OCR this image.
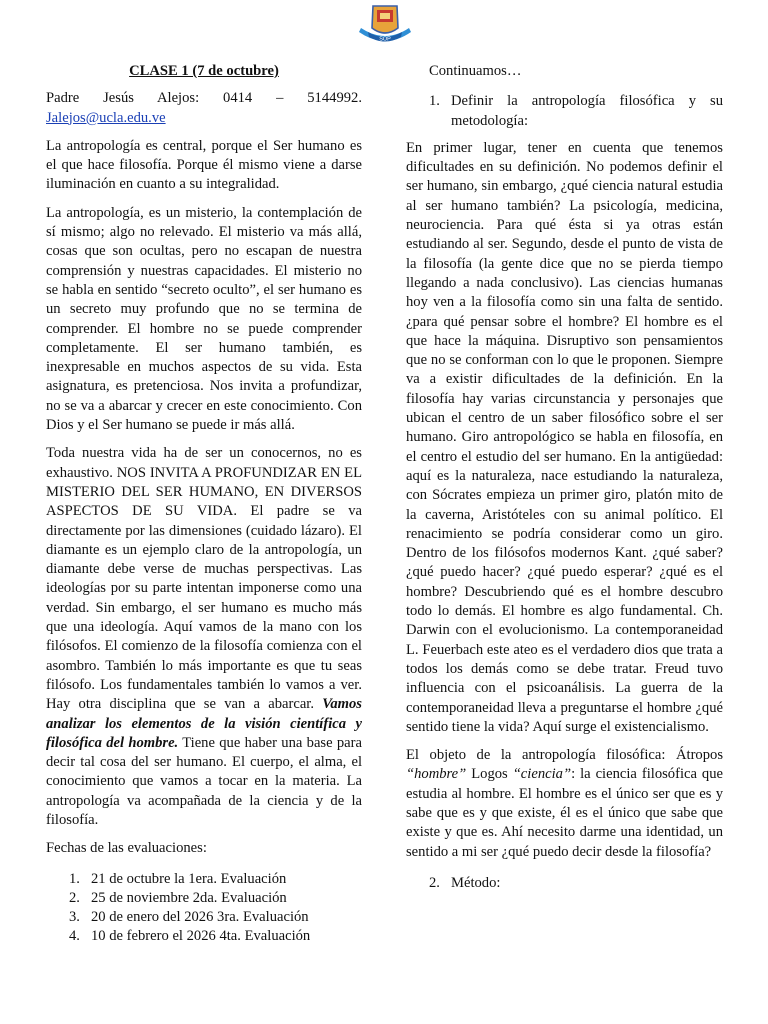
SOP

CLASE 1 (7 de octubre)

Padre Jesús Alejos: 0414 – 5144992. Jalejos@ucla.edu.ve

La antropología es central, porque el Ser humano es el que hace filosofía. Porque él mismo viene a darse iluminación en cuanto a su integralidad.

La antropología, es un misterio, la contemplación de sí mismo; algo no relevado. El misterio va más allá, cosas que son ocultas, pero no escapan de nuestra comprensión y nuestras capacidades. El misterio no se habla en sentido “secreto oculto”, el ser humano es un secreto muy profundo que no se termina de comprender. El hombre no se puede comprender completamente. El ser humano también, es inexpresable en muchos aspectos de su vida. Esta asignatura, es pretenciosa. Nos invita a profundizar, no se va a abarcar y crecer en este conocimiento. Con Dios y el Ser humano se puede ir más allá.

Toda nuestra vida ha de ser un conocernos, no es exhaustivo. NOS INVITA A PROFUNDIZAR EN EL MISTERIO DEL SER HUMANO, EN DIVERSOS ASPECTOS DE SU VIDA. El padre se va directamente por las dimensiones (cuidado lázaro). El diamante es un ejemplo claro de la antropología, un diamante debe verse de muchas perspectivas. Las ideologías por su parte intentan imponerse como una verdad. Sin embargo, el ser humano es mucho más que una ideología. Aquí vamos de la mano con los filósofos. El comienzo de la filosofía comienza con el asombro. También lo más importante es que tu seas filósofo. Los fundamentales también lo vamos a ver. Hay otra disciplina que se van a abarcar. Vamos analizar los elementos de la visión científica y filosófica del hombre. Tiene que haber una base para decir tal cosa del ser humano. El cuerpo, el alma, el conocimiento que vamos a tocar en la materia. La antropología va acompañada de la ciencia y de la filosofía.

Fechas de las evaluaciones:

1. 21 de octubre la 1era. Evaluación
2. 25 de noviembre 2da. Evaluación
3. 20 de enero del 2026 3ra. Evaluación
4. 10 de febrero el 2026 4ta. Evaluación

Continuamos…

1. Definir la antropología filosófica y su metodología:

En primer lugar, tener en cuenta que tenemos dificultades en su definición. No podemos definir el ser humano, sin embargo, ¿qué ciencia natural estudia al ser humano también? La psicología, medicina, neurociencia. Para qué ésta si ya otras están estudiando al ser. Segundo, desde el punto de vista de la filosofía (la gente dice que no se pierda tiempo llegando a nada conclusivo). Las ciencias humanas hoy ven a la filosofía como sin una falta de sentido. ¿para qué pensar sobre el hombre? El hombre es el que hace la máquina. Disruptivo son pensamientos que no se conforman con lo que le proponen. Siempre va a existir dificultades de la definición. En la filosofía hay varias circunstancia y personajes que ubican el centro de un saber filosófico sobre el ser humano. Giro antropológico se habla en filosofía, en el centro el estudio del ser humano. En la antigüedad: aquí es la naturaleza, nace estudiando la naturaleza, con Sócrates empieza un primer giro, platón mito de la caverna, Aristóteles con su animal político. El renacimiento se podría considerar como un giro. Dentro de los filósofos modernos Kant. ¿qué saber? ¿qué puedo hacer? ¿qué puedo esperar? ¿qué es el hombre? Descubriendo qué es el hombre descubro todo lo demás. El hombre es algo fundamental. Ch. Darwin con el evolucionismo. La contemporaneidad L. Feuerbach este ateo es el verdadero dios que trata a todos los demás como se debe tratar. Freud tuvo influencia con el psicoanálisis. La guerra de la contemporaneidad lleva a preguntarse el hombre ¿qué sentido tiene la vida? Aquí surge el existencialismo.

El objeto de la antropología filosófica: Átropos “hombre” Logos “ciencia”: la ciencia filosófica que estudia al hombre. El hombre es el único ser que es y sabe que es y que existe, él es el único que sabe que existe y que es. Ahí necesito darme una identidad, un sentido a mi ser ¿qué puedo decir desde la filosofía?

2. Método:
